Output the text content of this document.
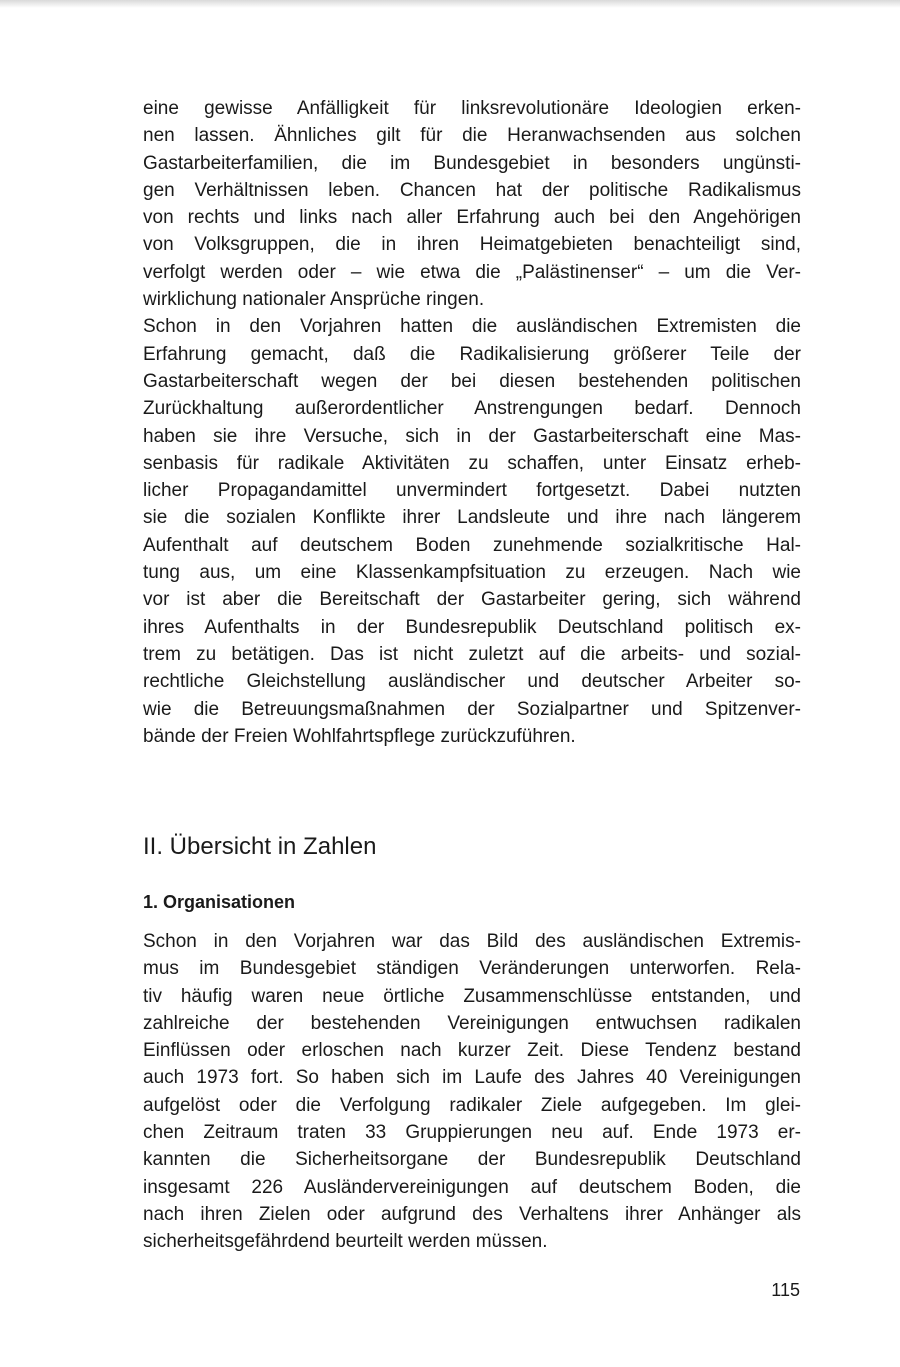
eine gewisse Anfälligkeit für linksrevolutionäre Ideologien erken-
nen lassen. Ähnliches gilt für die Heranwachsenden aus solchen
Gastarbeiterfamilien, die im Bundesgebiet in besonders ungünsti-
gen Verhältnissen leben. Chancen hat der politische Radikalismus
von rechts und links nach aller Erfahrung auch bei den Angehörigen
von Volksgruppen, die in ihren Heimatgebieten benachteiligt sind,
verfolgt werden oder – wie etwa die „Palästinenser“ – um die Ver-
wirklichung nationaler Ansprüche ringen.

Schon in den Vorjahren hatten die ausländischen Extremisten die
Erfahrung gemacht, daß die Radikalisierung größerer Teile der
Gastarbeiterschaft wegen der bei diesen bestehenden politischen
Zurückhaltung außerordentlicher Anstrengungen bedarf. Dennoch
haben sie ihre Versuche, sich in der Gastarbeiterschaft eine Mas-
senbasis für radikale Aktivitäten zu schaffen, unter Einsatz erheb-
licher Propagandamittel unvermindert fortgesetzt. Dabei nutzten
sie die sozialen Konflikte ihrer Landsleute und ihre nach längerem
Aufenthalt auf deutschem Boden zunehmende sozialkritische Hal-
tung aus, um eine Klassenkampfsituation zu erzeugen. Nach wie
vor ist aber die Bereitschaft der Gastarbeiter gering, sich während
ihres Aufenthalts in der Bundesrepublik Deutschland politisch ex-
trem zu betätigen. Das ist nicht zuletzt auf die arbeits- und sozial-
rechtliche Gleichstellung ausländischer und deutscher Arbeiter so-
wie die Betreuungsmaßnahmen der Sozialpartner und Spitzenver-
bände der Freien Wohlfahrtspflege zurückzuführen.

II. Übersicht in Zahlen
1. Organisationen

Schon in den Vorjahren war das Bild des ausländischen Extremis-
mus im Bundesgebiet ständigen Veränderungen unterworfen. Rela-
tiv häufig waren neue örtliche Zusammenschlüsse entstanden, und
zahlreiche der bestehenden Vereinigungen entwuchsen radikalen
Einflüssen oder erloschen nach kurzer Zeit. Diese Tendenz bestand
auch 1973 fort. So haben sich im Laufe des Jahres 40 Vereinigungen
aufgelöst oder die Verfolgung radikaler Ziele aufgegeben. Im glei-
chen Zeitraum traten 33 Gruppierungen neu auf. Ende 1973 er-
kannten die Sicherheitsorgane der Bundesrepublik Deutschland
insgesamt 226 Ausländervereinigungen auf deutschem Boden, die
nach ihren Zielen oder aufgrund des Verhaltens ihrer Anhänger als
sicherheitsgefährdend beurteilt werden müssen.

115
